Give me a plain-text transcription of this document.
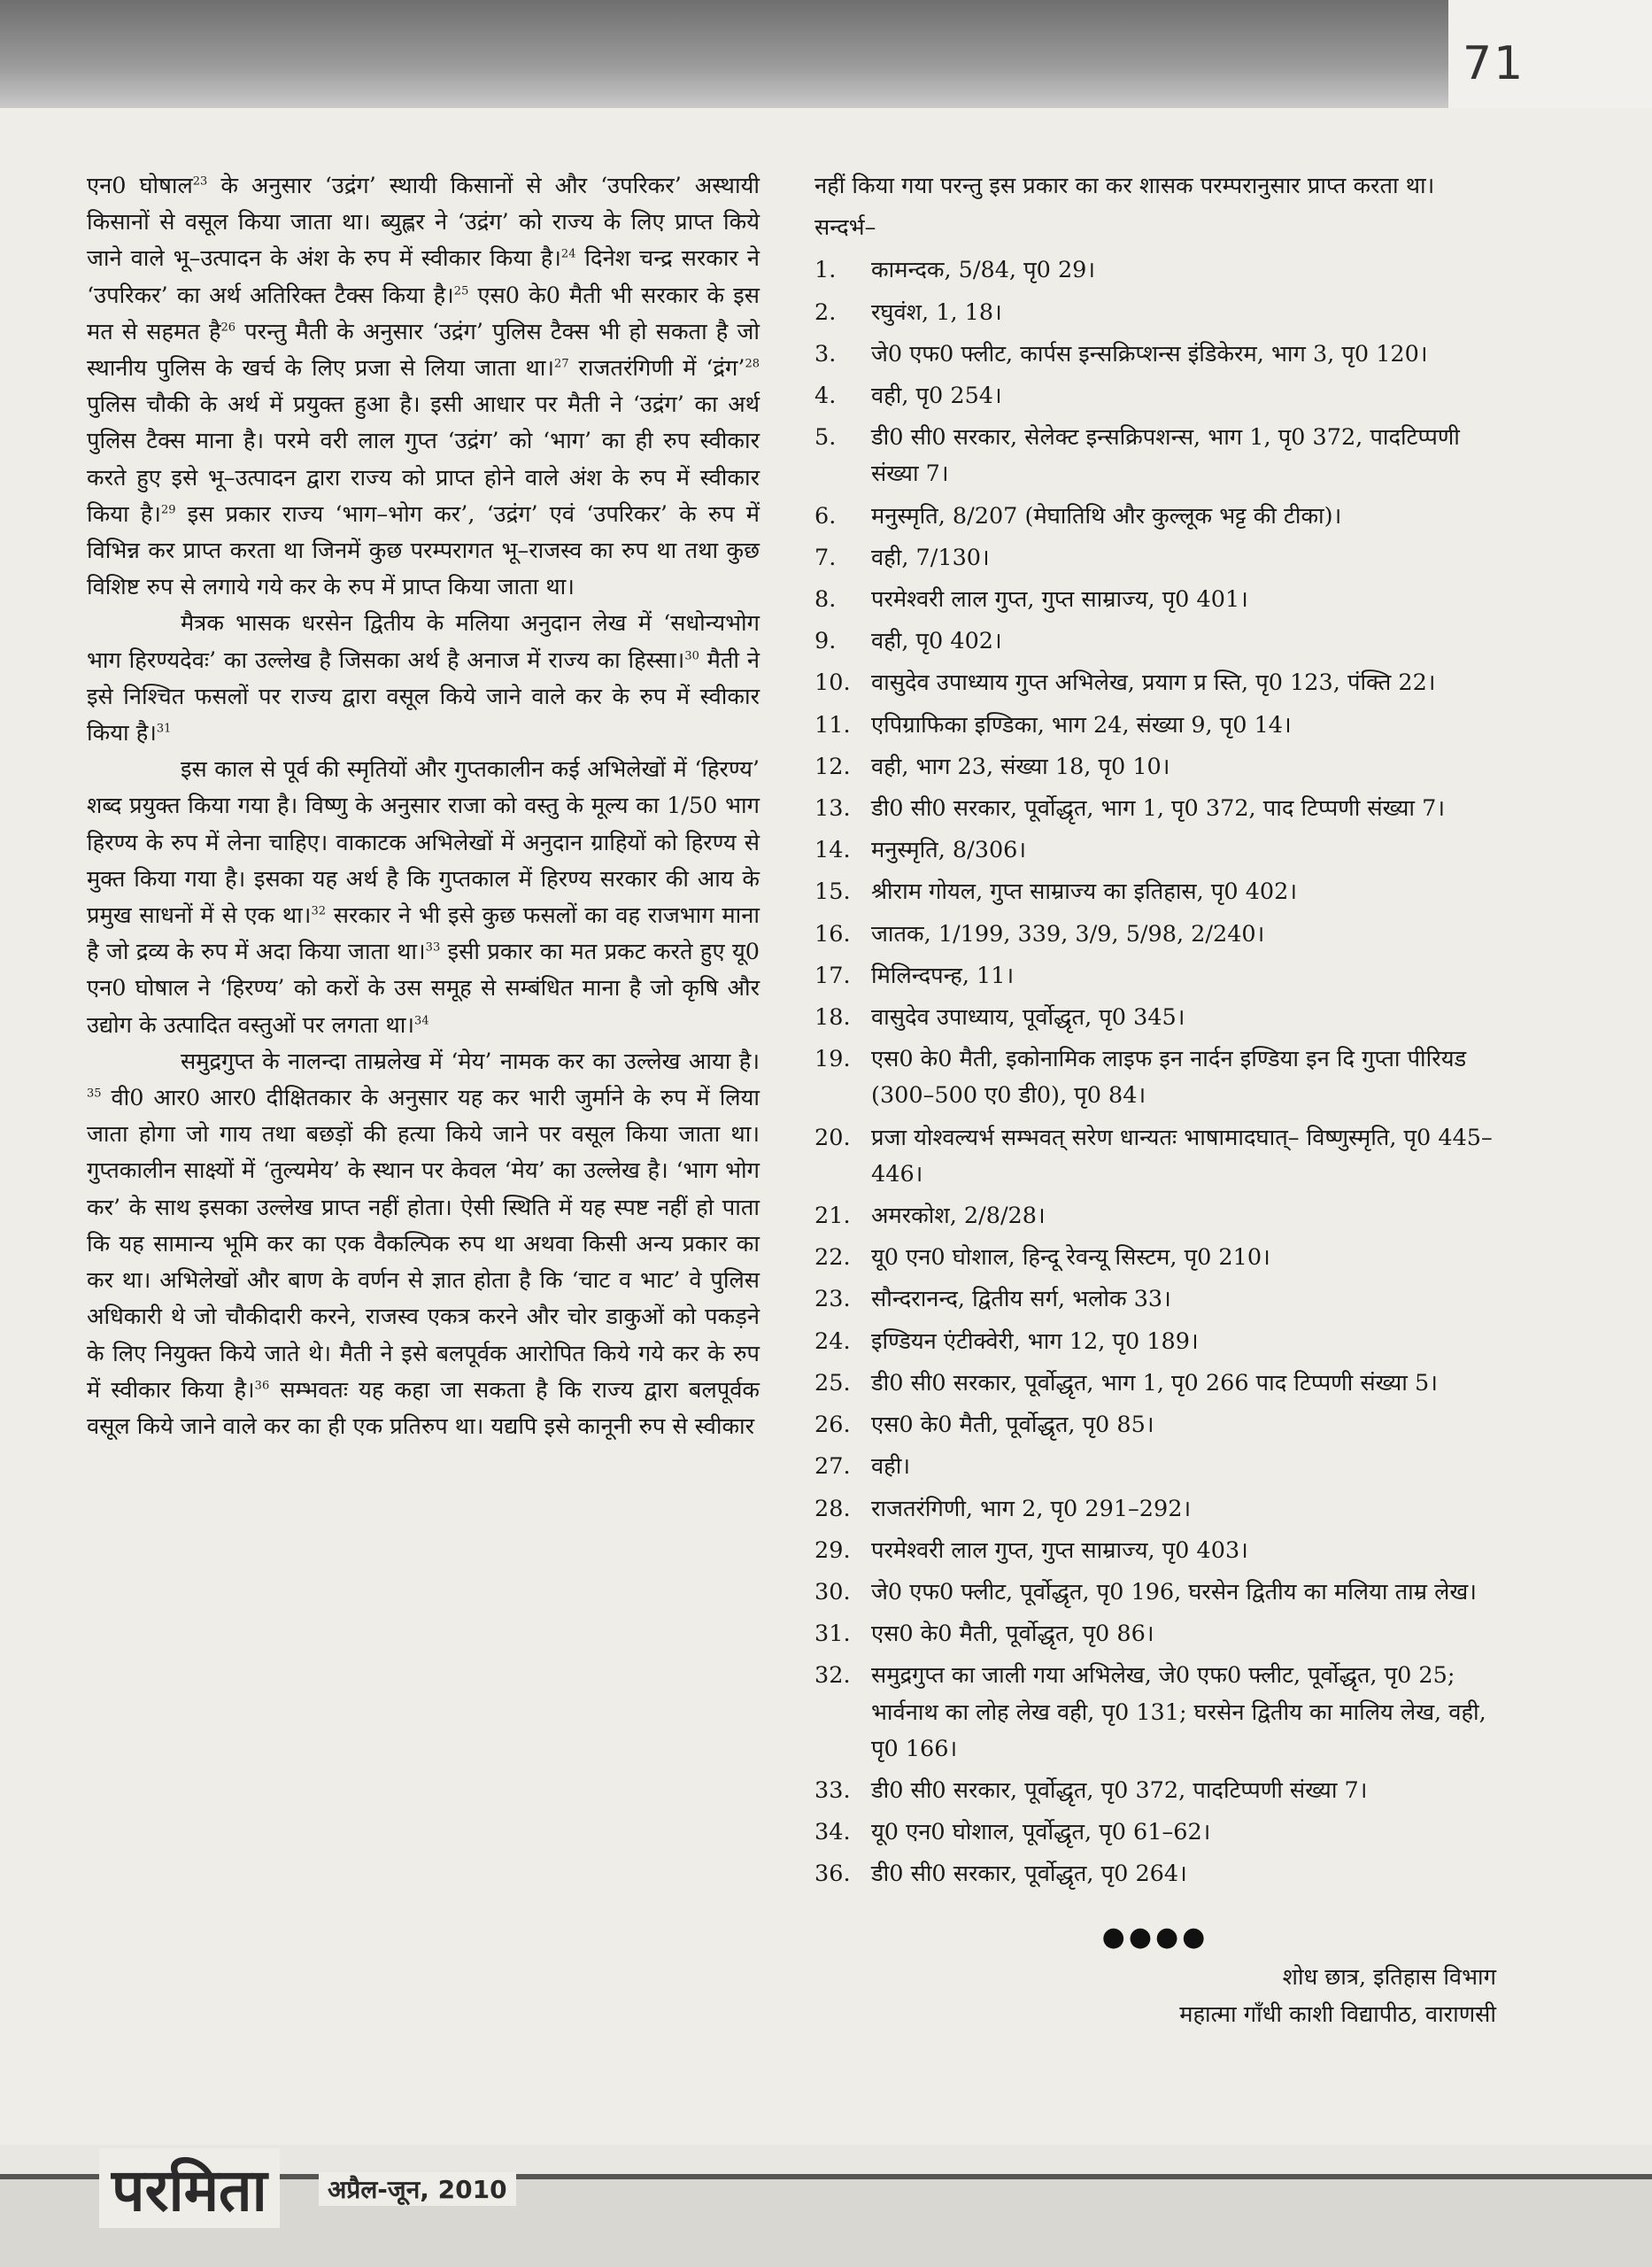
71

एन0 घोषाल$^{23}$ के अनुसार ‘उद्रंग’ स्थायी किसानों से और ‘उपरिकर’ अस्थायी किसानों से वसूल किया जाता था। ब्युह्लर ने ‘उद्रंग’ को राज्य के लिए प्राप्त किये जाने वाले भू–उत्पादन के अंश के रुप में स्वीकार किया है।$^{24}$ दिनेश चन्द्र सरकार ने ‘उपरिकर’ का अर्थ अतिरिक्त टैक्स किया है।$^{25}$ एस0 के0 मैती भी सरकार के इस मत से सहमत है$^{26}$ परन्तु मैती के अनुसार ‘उद्रंग’ पुलिस टैक्स भी हो सकता है जो स्थानीय पुलिस के खर्च के लिए प्रजा से लिया जाता था।$^{27}$ राजतरंगिणी में ‘द्रंग’$^{28}$ पुलिस चौकी के अर्थ में प्रयुक्त हुआ है। इसी आधार पर मैती ने ‘उद्रंग’ का अर्थ पुलिस टैक्स माना है। परमे वरी लाल गुप्त ‘उद्रंग’ को ‘भाग’ का ही रुप स्वीकार करते हुए इसे भू–उत्पादन द्वारा राज्य को प्राप्त होने वाले अंश के रुप में स्वीकार किया है।$^{29}$ इस प्रकार राज्य ‘भाग–भोग कर’, ‘उद्रंग’ एवं ‘उपरिकर’ के रुप में विभिन्न कर प्राप्त करता था जिनमें कुछ परम्परागत भू–राजस्व का रुप था तथा कुछ विशिष्ट रुप से लगाये गये कर के रुप में प्राप्त किया जाता था।

मैत्रक भासक धरसेन द्वितीय के मलिया अनुदान लेख में ‘सधोन्यभोग भाग हिरण्यदेवः’ का उल्लेख है जिसका अर्थ है अनाज में राज्य का हिस्सा।$^{30}$ मैती ने इसे निश्चित फसलों पर राज्य द्वारा वसूल किये जाने वाले कर के रुप में स्वीकार किया है।$^{31}$

इस काल से पूर्व की स्मृतियों और गुप्तकालीन कई अभिलेखों में ‘हिरण्य’ शब्द प्रयुक्त किया गया है। विष्णु के अनुसार राजा को वस्तु के मूल्य का 1/50 भाग हिरण्य के रुप में लेना चाहिए। वाकाटक अभिलेखों में अनुदान ग्राहियों को हिरण्य से मुक्त किया गया है। इसका यह अर्थ है कि गुप्तकाल में हिरण्य सरकार की आय के प्रमुख साधनों में से एक था।$^{32}$ सरकार ने भी इसे कुछ फसलों का वह राजभाग माना है जो द्रव्य के रुप में अदा किया जाता था।$^{33}$ इसी प्रकार का मत प्रकट करते हुए यू0 एन0 घोषाल ने ‘हिरण्य’ को करों के उस समूह से सम्बंधित माना है जो कृषि और उद्योग के उत्पादित वस्तुओं पर लगता था।$^{34}$

समुद्रगुप्त के नालन्दा ताम्रलेख में ‘मेय’ नामक कर का उल्लेख आया है।$^{35}$ वी0 आर0 आर0 दीक्षितकार के अनुसार यह कर भारी जुर्माने के रुप में लिया जाता होगा जो गाय तथा बछड़ों की हत्या किये जाने पर वसूल किया जाता था। गुप्तकालीन साक्ष्यों में ‘तुल्यमेय’ के स्थान पर केवल ‘मेय’ का उल्लेख है। ‘भाग भोग कर’ के साथ इसका उल्लेख प्राप्त नहीं होता। ऐसी स्थिति में यह स्पष्ट नहीं हो पाता कि यह सामान्य भूमि कर का एक वैकल्पिक रुप था अथवा किसी अन्य प्रकार का कर था। अभिलेखों और बाण के वर्णन से ज्ञात होता है कि ‘चाट व भाट’ वे पुलिस अधिकारी थे जो चौकीदारी करने, राजस्व एकत्र करने और चोर डाकुओं को पकड़ने के लिए नियुक्त किये जाते थे। मैती ने इसे बलपूर्वक आरोपित किये गये कर के रुप में स्वीकार किया है।$^{36}$ सम्भवतः यह कहा जा सकता है कि राज्य द्वारा बलपूर्वक वसूल किये जाने वाले कर का ही एक प्रतिरुप था। यद्यपि इसे कानूनी रुप से स्वीकार

नहीं किया गया परन्तु इस प्रकार का कर शासक परम्परानुसार प्राप्त करता था।

सन्दर्भ–

1.	कामन्दक, 5/84, पृ0 29।
2.	रघुवंश, 1, 18।
3.	जे0 एफ0 फ्लीट, कार्पस इन्सक्रिप्शन्स इंडिकेरम, भाग 3, पृ0 120।
4.	वही, पृ0 254।
5.	डी0 सी0 सरकार, सेलेक्ट इन्सक्रिपशन्स, भाग 1, पृ0 372, पादटिप्पणी संख्या 7।
6.	मनुस्मृति, 8/207 (मेघातिथि और कुल्लूक भट्ट की टीका)।
7.	वही, 7/130।
8.	परमेश्वरी लाल गुप्त, गुप्त साम्राज्य, पृ0 401।
9.	वही, पृ0 402।
10. वासुदेव उपाध्याय गुप्त अभिलेख, प्रयाग प्र स्ति, पृ0 123, पंक्ति 22।
11. एपिग्राफिका इण्डिका, भाग 24, संख्या 9, पृ0 14।
12. वही, भाग 23, संख्या 18, पृ0 10।
13. डी0 सी0 सरकार, पूर्वोद्धृत, भाग 1, पृ0 372, पाद टिप्पणी संख्या 7।
14. मनुस्मृति, 8/306।
15. श्रीराम गोयल, गुप्त साम्राज्य का इतिहास, पृ0 402।
16. जातक, 1/199, 339, 3/9, 5/98, 2/240।
17. मिलिन्दपन्ह, 11।
18. वासुदेव उपाध्याय, पूर्वोद्धृत, पृ0 345।
19. एस0 के0 मैती, इकोनामिक लाइफ इन नार्दन इण्डिया इन दि गुप्ता पीरियड (300–500 ए0 डी0), पृ0 84।
20. प्रजा योश्वल्यर्भ सम्भवत् सरेण धान्यतः भाषामादघात्– विष्णुस्मृति, पृ0 445–446।
21. अमरकोश, 2/8/28।
22. यू0 एन0 घोशाल, हिन्दू रेवन्यू सिस्टम, पृ0 210।
23. सौन्दरानन्द, द्वितीय सर्ग, भलोक 33।
24. इण्डियन एंटीक्वेरी, भाग 12, पृ0 189।
25. डी0 सी0 सरकार, पूर्वोद्धृत, भाग 1, पृ0 266 पाद टिप्पणी संख्या 5।
26. एस0 के0 मैती, पूर्वोद्धृत, पृ0 85।
27. वही।
28. राजतरंगिणी, भाग 2, पृ0 291–292।
29. परमेश्वरी लाल गुप्त, गुप्त साम्राज्य, पृ0 403।
30. जे0 एफ0 फ्लीट, पूर्वोद्धृत, पृ0 196, घरसेन द्वितीय का मलिया ताम्र लेख।
31. एस0 के0 मैती, पूर्वोद्धृत, पृ0 86।
32. समुद्रगुप्त का जाली गया अभिलेख, जे0 एफ0 फ्लीट, पूर्वोद्धृत, पृ0 25; भार्वनाथ का लोह लेख वही, पृ0 131; घरसेन द्वितीय का मालिय लेख, वही, पृ0 166।
33. डी0 सी0 सरकार, पूर्वोद्धृत, पृ0 372, पादटिप्पणी संख्या 7।
34. यू0 एन0 घोशाल, पूर्वोद्धृत, पृ0 61–62।
36. डी0 सी0 सरकार, पूर्वोद्धृत, पृ0 264।
●●●●
शोध छात्र, इतिहास विभाग
महात्मा गाँधी काशी विद्यापीठ, वाराणसी
परमिता	अप्रैल-जून, 2010
